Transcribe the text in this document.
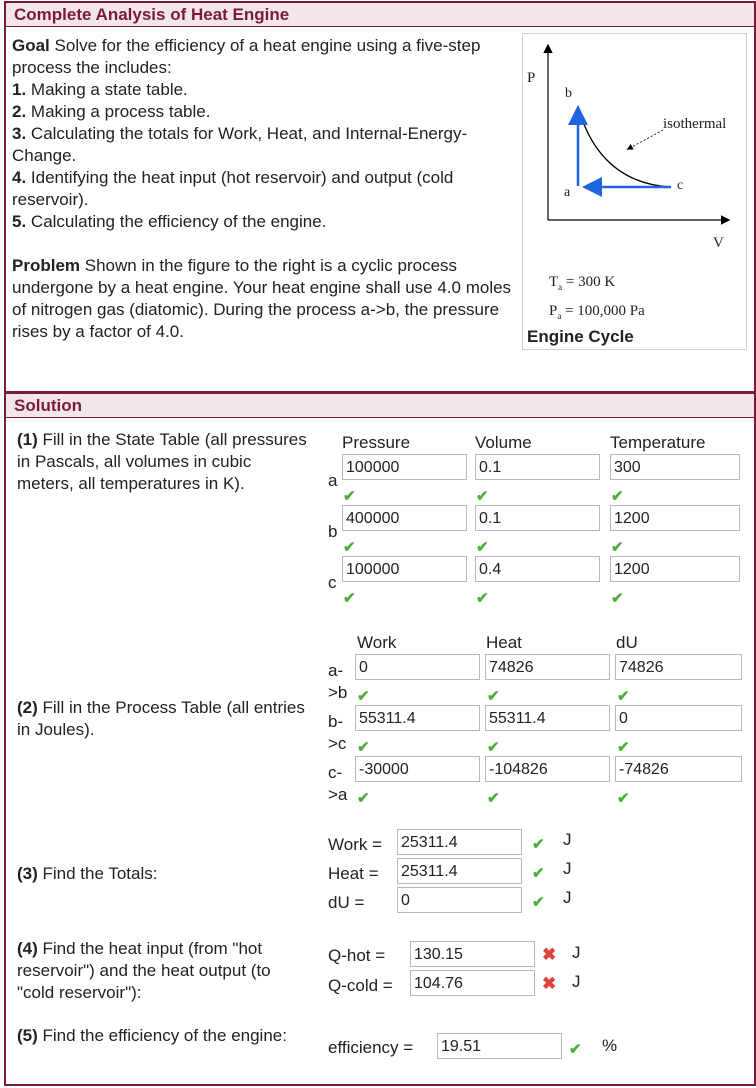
Complete Analysis of Heat Engine
Goal Solve for the efficiency of a heat engine using a five-step process the includes:
1. Making a state table.
2. Making a process table.
3. Calculating the totals for Work, Heat, and Internal-Energy-Change.
4. Identifying the heat input (hot reservoir) and output (cold reservoir).
5. Calculating the efficiency of the engine.
Problem Shown in the figure to the right is a cyclic process undergone by a heat engine. Your heat engine shall use 4.0 moles of nitrogen gas (diatomic). During the process a->b, the pressure rises by a factor of 4.0.
P
V
b
a	c
isothermal
$T_a = 300$ K
$P_a = 100,000$ Pa
Engine Cycle
Solution
(1) Fill in the State Table (all pressures in Pascals, all volumes in cubic meters, all temperatures in K).
Pressure	Volume	Temperature
a
100000	0.1	300
✔	✔	✔
b
400000	0.1	1200
✔	✔	✔
c
100000	0.4	1200
✔	✔	✔
(2) Fill in the Process Table (all entries in Joules).
Work	Heat	dU
a-
>b
0	74826	74826
✔	✔	✔
b-
>c
55311.4	55311.4	0
✔	✔	✔
c-
>a
-30000	-104826	-74826
✔	✔	✔
(3) Find the Totals:
Work = 25311.4	✔ J
Heat = 25311.4	✔ J
dU = 0	✔ J
(4) Find the heat input (from "hot reservoir") and the heat output (to "cold reservoir"):
Q-hot = 130.15	✖ J
Q-cold = 104.76	✖ J
(5) Find the efficiency of the engine:
efficiency = 19.51	✔ %
